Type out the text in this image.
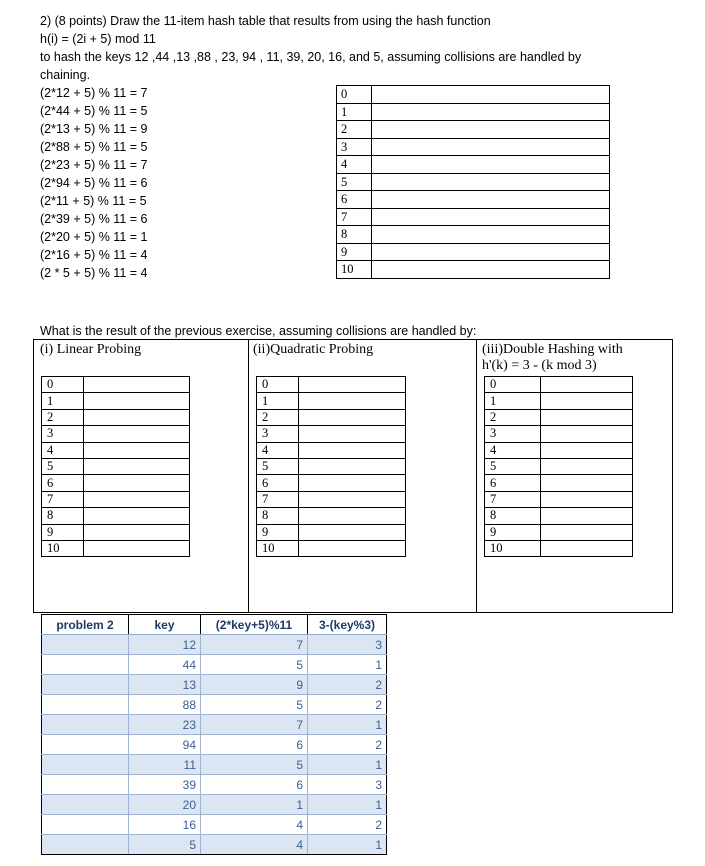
2) (8 points) Draw the 11-item hash table that results from using the hash function
h(i) = (2i + 5) mod 11
to hash the keys 12 ,44 ,13 ,88 , 23, 94 , 11, 39, 20, 16, and 5, assuming collisions are handled by
chaining.
(2*12 + 5) % 11 = 7
(2*44 + 5) % 11 = 5
(2*13 + 5) % 11 = 9
(2*88 + 5) % 11 = 5
(2*23 + 5) % 11 = 7
(2*94 + 5) % 11 = 6
(2*11 + 5) % 11 = 5
(2*39 + 5) % 11 = 6
(2*20 + 5) % 11 = 1
(2*16 + 5) % 11 = 4
(2 * 5 + 5) % 11 = 4
0	
1	
2	
3	
4	
5	
6	
7	
8	
9	
10	
What is the result of the previous exercise, assuming collisions are handled by:
(i) Linear Probing	(ii)Quadratic Probing	(iii)Double Hashing with
h'(k) = 3 - (k mod 3)
0	
1	
2	
3	
4	
5	
6	
7	
8	
9	
10	
0	
1	
2	
3	
4	
5	
6	
7	
8	
9	
10	
0	
1	
2	
3	
4	
5	
6	
7	
8	
9	
10	
problem 2	key	(2*key+5)%11	3-(key%3)
	12	7	3
	44	5	1
	13	9	2
	88	5	2
	23	7	1
	94	6	2
	11	5	1
	39	6	3
	20	1	1
	16	4	2
	5	4	1
